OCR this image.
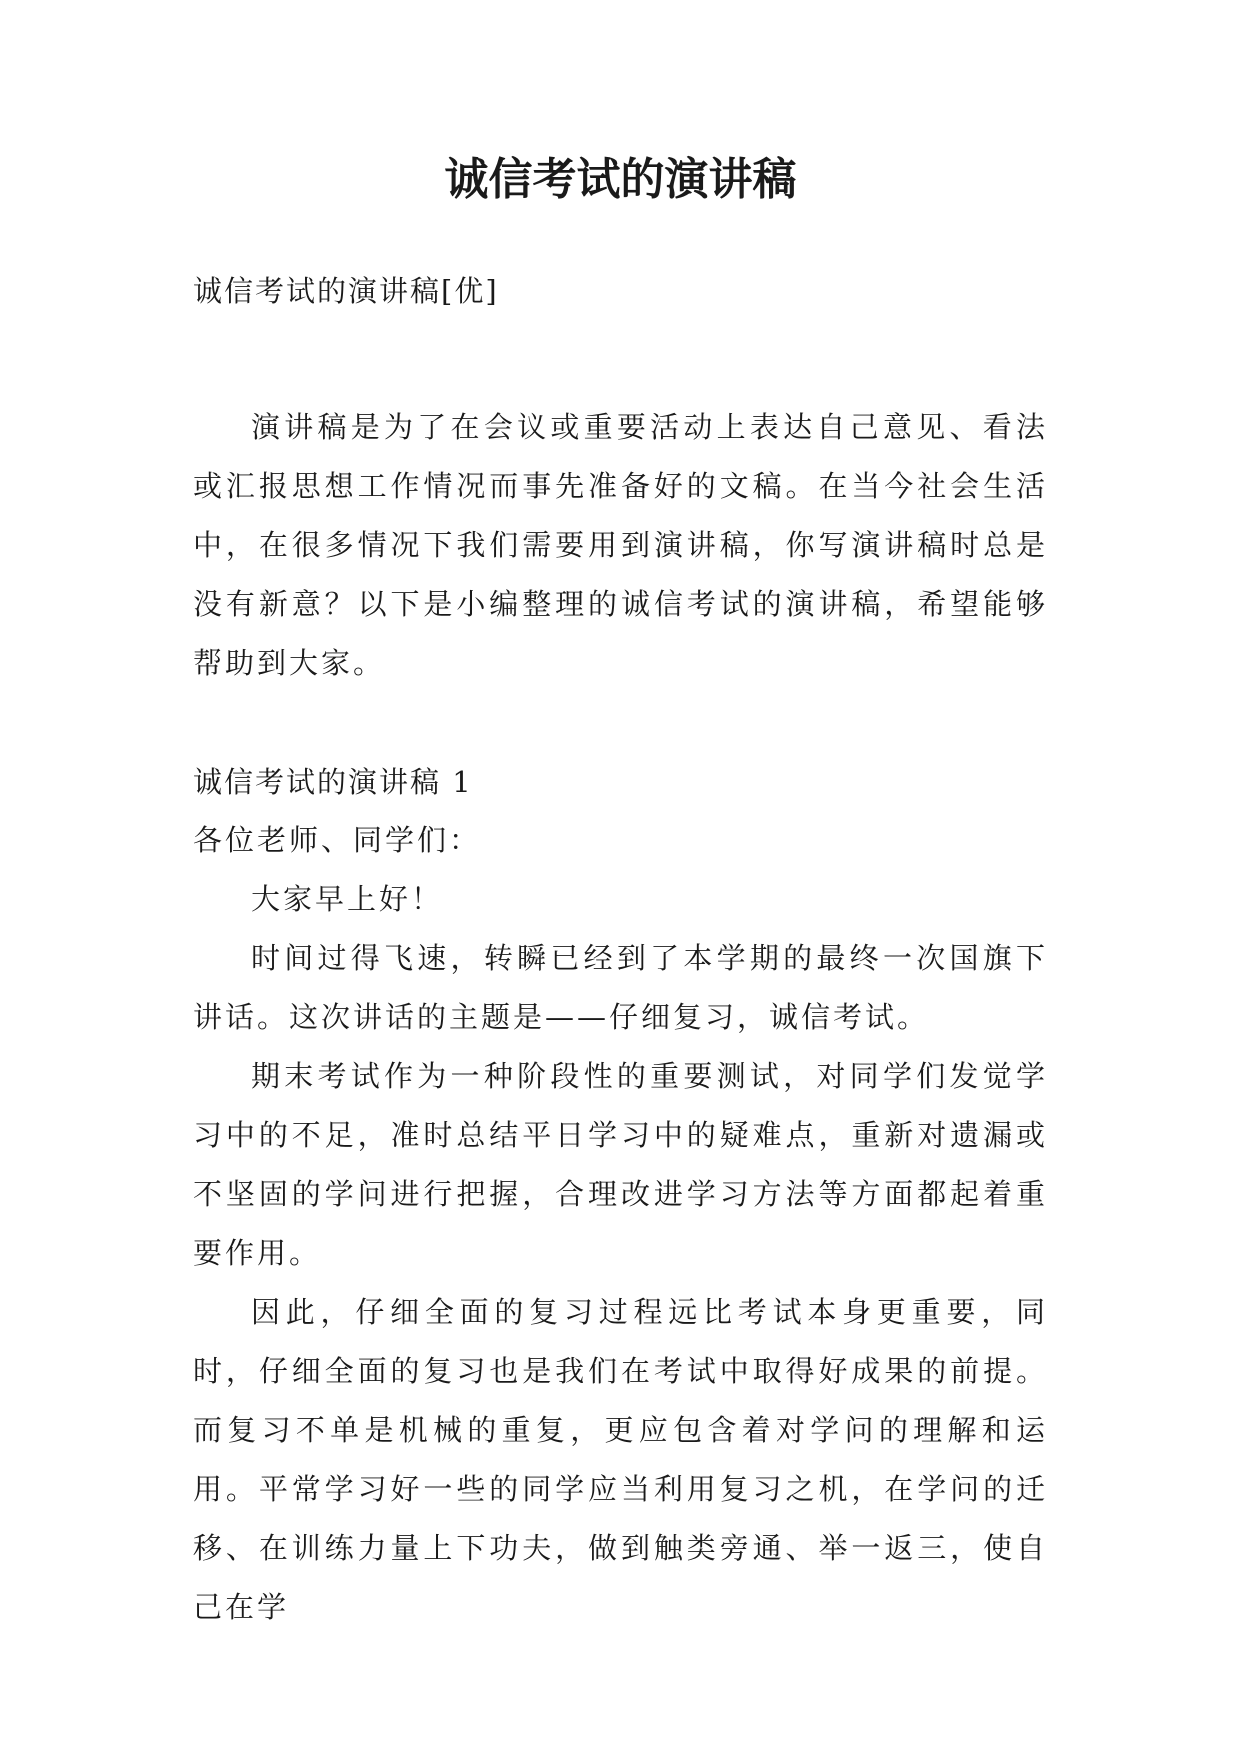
诚信考试的演讲稿
诚信考试的演讲稿[优]
演讲稿是为了在会议或重要活动上表达自己意见、看法或汇报思想工作情况而事先准备好的文稿。在当今社会生活中，在很多情况下我们需要用到演讲稿，你写演讲稿时总是没有新意？以下是小编整理的诚信考试的演讲稿，希望能够帮助到大家。
诚信考试的演讲稿 1
各位老师、同学们：

大家早上好！

时间过得飞速，转瞬已经到了本学期的最终一次国旗下讲话。这次讲话的主题是——仔细复习，诚信考试。

期末考试作为一种阶段性的重要测试，对同学们发觉学习中的不足，准时总结平日学习中的疑难点，重新对遗漏或不坚固的学问进行把握，合理改进学习方法等方面都起着重要作用。

因此，仔细全面的复习过程远比考试本身更重要，同时，仔细全面的复习也是我们在考试中取得好成果的前提。而复习不单是机械的重复，更应包含着对学问的理解和运用。平常学习好一些的同学应当利用复习之机，在学问的迁移、在训练力量上下功夫，做到触类旁通、举一返三，使自己在学
